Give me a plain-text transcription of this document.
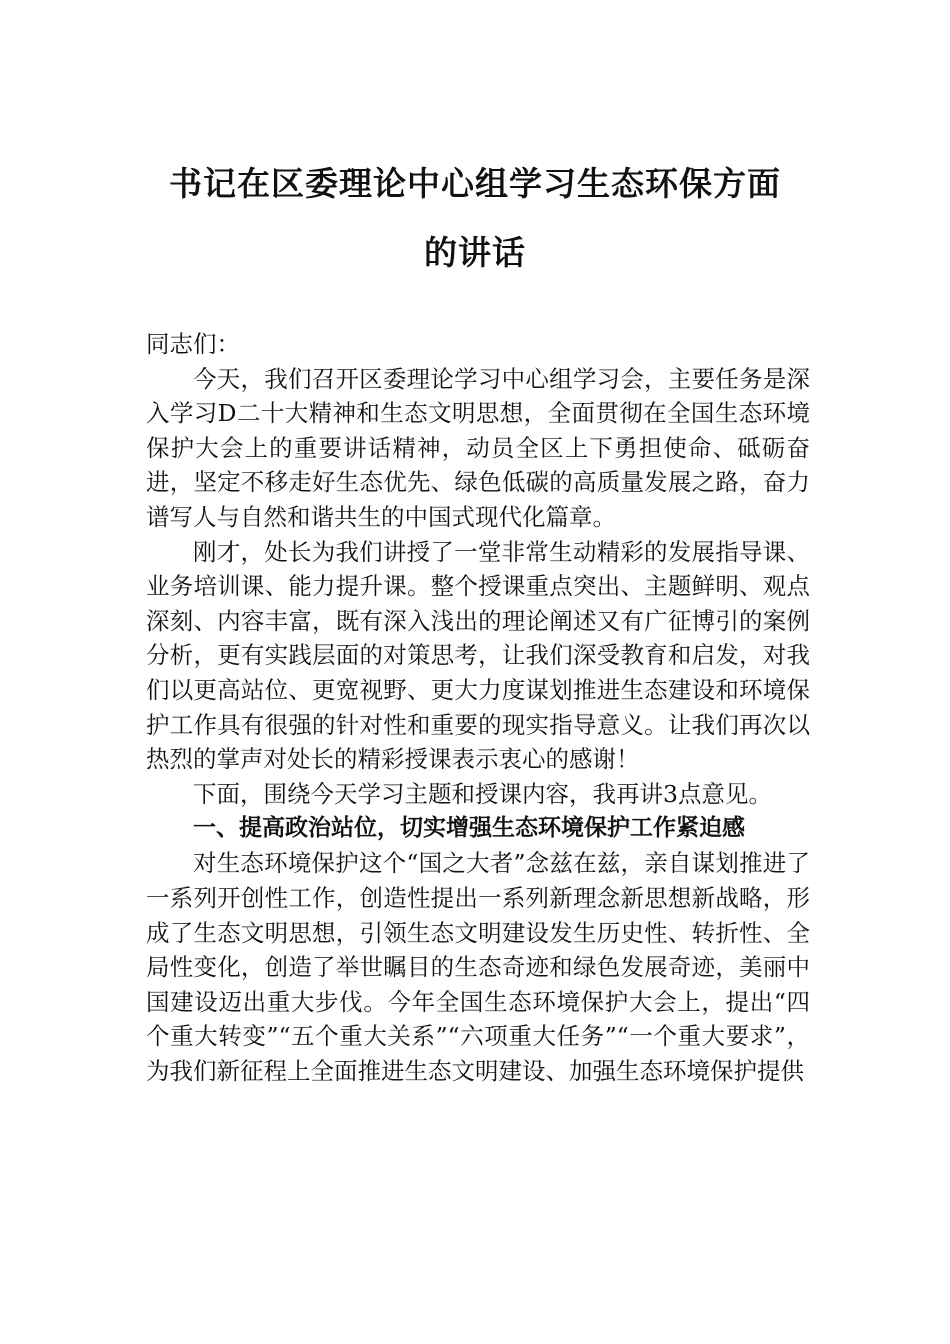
书记在区委理论中心组学习生态环保方面
的讲话

同志们：

今天，我们召开区委理论学习中心组学习会，主要任务是深入学习D二十大精神和生态文明思想，全面贯彻在全国生态环境保护大会上的重要讲话精神，动员全区上下勇担使命、砥砺奋进，坚定不移走好生态优先、绿色低碳的高质量发展之路，奋力谱写人与自然和谐共生的中国式现代化篇章。

刚才，处长为我们讲授了一堂非常生动精彩的发展指导课、业务培训课、能力提升课。整个授课重点突出、主题鲜明、观点深刻、内容丰富，既有深入浅出的理论阐述又有广征博引的案例分析，更有实践层面的对策思考，让我们深受教育和启发，对我们以更高站位、更宽视野、更大力度谋划推进生态建设和环境保护工作具有很强的针对性和重要的现实指导意义。让我们再次以热烈的掌声对处长的精彩授课表示衷心的感谢！

下面，围绕今天学习主题和授课内容，我再讲3点意见。

一、提高政治站位，切实增强生态环境保护工作紧迫感

对生态环境保护这个“国之大者”念兹在兹，亲自谋划推进了一系列开创性工作，创造性提出一系列新理念新思想新战略，形成了生态文明思想，引领生态文明建设发生历史性、转折性、全局性变化，创造了举世瞩目的生态奇迹和绿色发展奇迹，美丽中国建设迈出重大步伐。今年全国生态环境保护大会上，提出“四个重大转变”“五个重大关系”“六项重大任务”“一个重大要求”，为我们新征程上全面推进生态文明建设、加强生态环境保护提供
